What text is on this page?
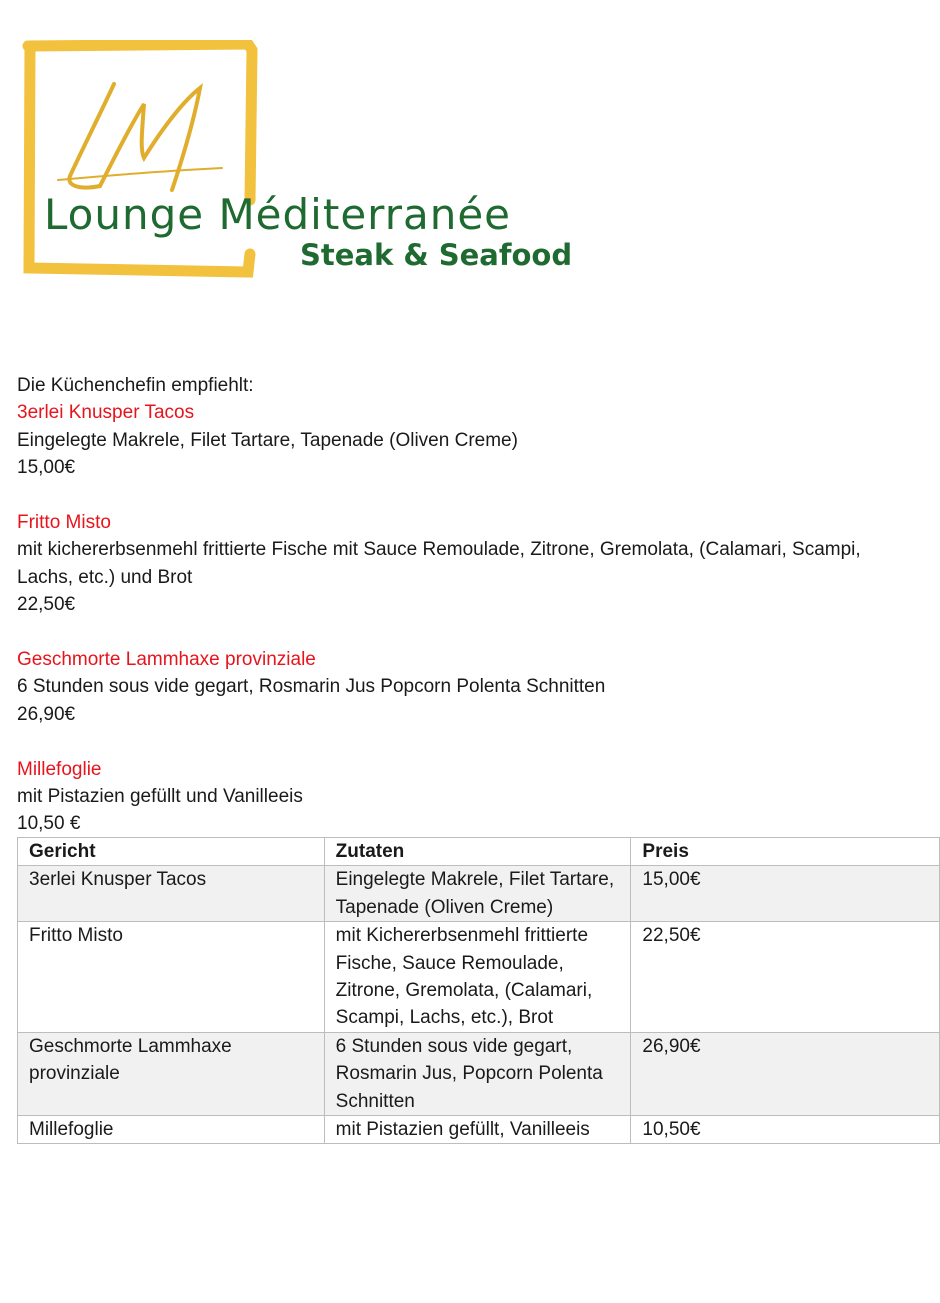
Lounge Méditerranée
Steak & Seafood

Die Küchenchefin empfiehlt:

3erlei Knusper Tacos

Eingelegte Makrele, Filet Tartare, Tapenade (Oliven Creme)

15,00€

Fritto Misto

mit kichererbsenmehl frittierte Fische mit Sauce Remoulade, Zitrone, Gremolata, (Calamari, Scampi, Lachs, etc.) und Brot

22,50€

Geschmorte Lammhaxe provinziale

6 Stunden sous vide gegart, Rosmarin Jus Popcorn Polenta Schnitten

26,90€

Millefoglie

mit Pistazien gefüllt und Vanilleeis

10,50 €

Gericht	Zutaten	Preis
3erlei Knusper Tacos	Eingelegte Makrele, Filet Tartare, Tapenade (Oliven Creme)	15,00€
Fritto Misto	mit Kichererbsenmehl frittierte Fische, Sauce Remoulade, Zitrone, Gremolata, (Calamari, Scampi, Lachs, etc.), Brot	22,50€
Geschmorte Lammhaxe provinziale	6 Stunden sous vide gegart, Rosmarin Jus, Popcorn Polenta Schnitten	26,90€
Millefoglie	mit Pistazien gefüllt, Vanilleeis	10,50€
